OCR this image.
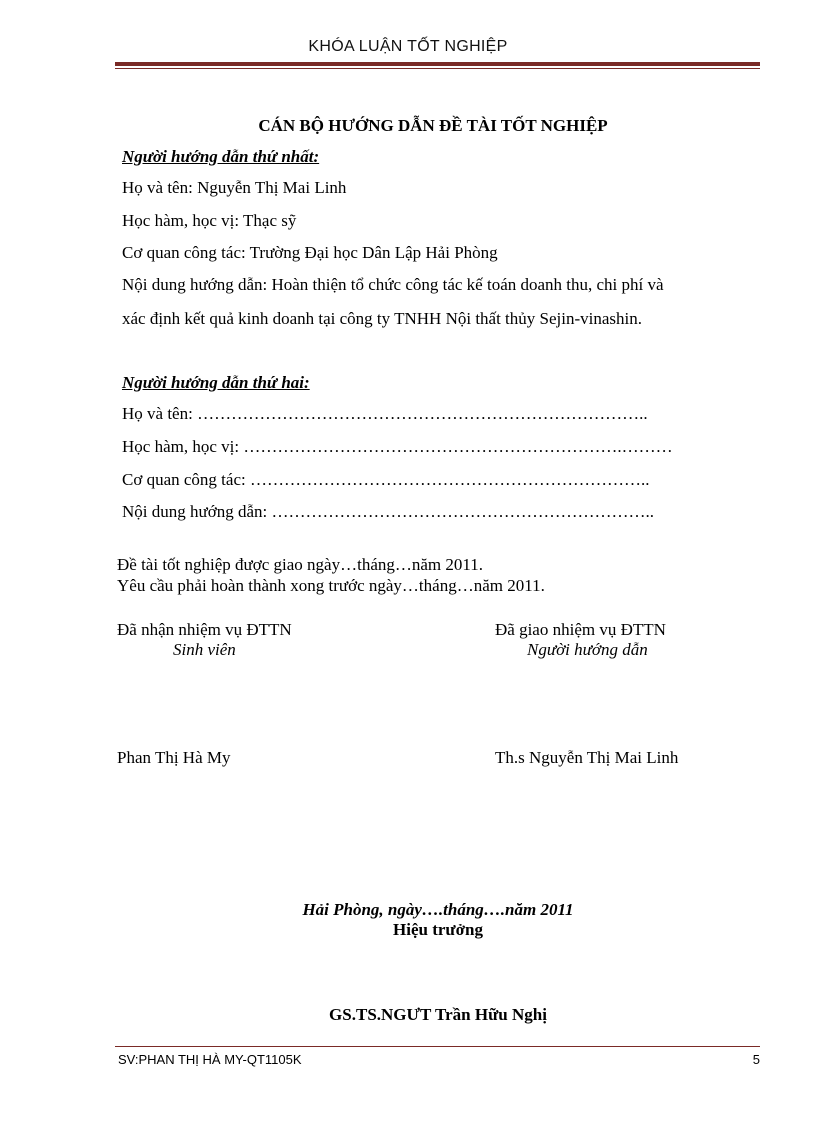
KHÓA LUẬN TỐT NGHIỆP
CÁN BỘ HƯỚNG DẪN ĐỀ TÀI TỐT NGHIỆP
Người hướng dẫn thứ nhất:
Họ và tên: Nguyễn Thị Mai Linh
Học hàm, học vị: Thạc sỹ
Cơ quan công tác: Trường Đại học Dân Lập Hải Phòng
Nội dung hướng dẫn: Hoàn thiện tổ chức công tác kế toán doanh thu, chi phí và
xác định kết quả kinh doanh tại công ty TNHH Nội thất thủy Sejin-vinashin.
Người hướng dẫn thứ hai:
Họ và tên: ……………………………………………………………………..
Học hàm, học vị: ………………………………………………………….………
Cơ quan công tác: ……………………………………………………………..
Nội dung hướng dẫn: …………………………………………………………..
Đề tài tốt nghiệp được giao ngày…tháng…năm 2011.
Yêu cầu phải hoàn thành xong trước ngày…tháng…năm 2011.
Đã nhận nhiệm vụ ĐTTN
Sinh viên
Phan Thị Hà My
Đã giao nhiệm vụ ĐTTN
Người hướng dẫn
Th.s Nguyễn Thị Mai Linh
Hải Phòng, ngày….tháng….năm 2011
Hiệu trưởng
GS.TS.NGƯT Trần Hữu Nghị
SV:PHAN THỊ HÀ MY-QT1105K	5
